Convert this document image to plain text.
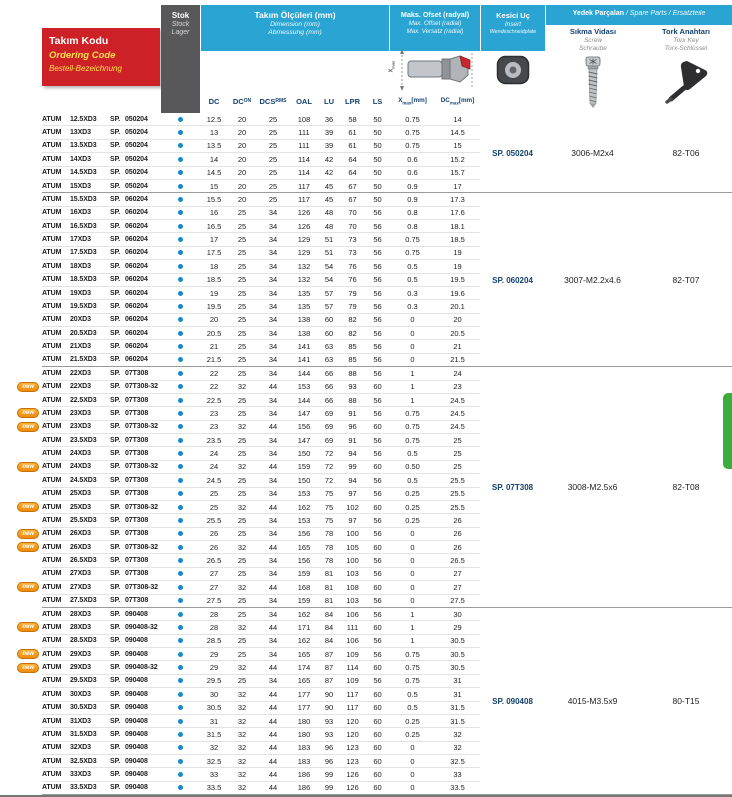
Takım Kodu
Ordering Code
Bestell-Bezeichnung
Stok
Stock
Lager
Takım Ölçüleri (mm)
Dimension (mm)
Abmessung (mm)
DC	DC ON	DCS RMS	OAL	LU	LPR	LS
Maks. Ofset (radyal)
Max. Offset (radial)
Max. Versatz (radial)
$X_{max}$
$X_{max}[mm]$	$DC_{max}[mm]$
Kesici Uç
Insert
Wendeschneidplate
Yedek Parçalan / Spare Parts / Ersatzteile
Sıkma Vidası
Screw
Schraube
Tork Anahtarı
Torx Key
Torx-Schlüssel
ATUM	12.5XD3	SP. 050204	12.5	20	25	108	36	58	50	0.75	14
ATUM	13XD3	SP. 050204	13	20	25	111	39	61	50	0.75	14.5
ATUM	13.5XD3	SP. 050204	13.5	20	25	111	39	61	50	0.75	15
ATUM	14XD3	SP. 050204	14	20	25	114	42	64	50	0.6	15.2
ATUM	14.5XD3	SP. 050204	14.5	20	25	114	42	64	50	0.6	15.7
ATUM	15XD3	SP. 050204	15	20	25	117	45	67	50	0.9	17
ATUM	15.5XD3	SP. 060204	15.5	20	25	117	45	67	50	0.9	17.3
ATUM	16XD3	SP. 060204	16	25	34	126	48	70	56	0.8	17.6
ATUM	16.5XD3	SP. 060204	16.5	25	34	126	48	70	56	0.8	18.1
ATUM	17XD3	SP. 060204	17	25	34	129	51	73	56	0.75	18.5
ATUM	17.5XD3	SP. 060204	17.5	25	34	129	51	73	56	0.75	19
ATUM	18XD3	SP. 060204	18	25	34	132	54	76	56	0.5	19
ATUM	18.5XD3	SP. 060204	18.5	25	34	132	54	76	56	0.5	19.5
ATUM	19XD3	SP. 060204	19	25	34	135	57	79	56	0.3	19.6
ATUM	19.5XD3	SP. 060204	19.5	25	34	135	57	79	56	0.3	20.1
ATUM	20XD3	SP. 060204	20	25	34	138	60	82	56	0	20
ATUM	20.5XD3	SP. 060204	20.5	25	34	138	60	82	56	0	20.5
ATUM	21XD3	SP. 060204	21	25	34	141	63	85	56	0	21
ATUM	21.5XD3	SP. 060204	21.5	25	34	141	63	85	56	0	21.5
ATUM	22XD3	SP. 07T308	22	25	34	144	66	88	56	1	24
new	ATUM	22XD3	SP. 07T308-32	22	32	44	153	66	93	60	1	23
ATUM	22.5XD3	SP. 07T308	22.5	25	34	144	66	88	56	1	24.5
new	ATUM	23XD3	SP. 07T308	23	25	34	147	69	91	56	0.75	24.5
new	ATUM	23XD3	SP. 07T308-32	23	32	44	156	69	96	60	0.75	24.5
ATUM	23.5XD3	SP. 07T308	23.5	25	34	147	69	91	56	0.75	25
ATUM	24XD3	SP. 07T308	24	25	34	150	72	94	56	0.5	25
new	ATUM	24XD3	SP. 07T308-32	24	32	44	159	72	99	60	0.50	25
ATUM	24.5XD3	SP. 07T308	24.5	25	34	150	72	94	56	0.5	25.5
ATUM	25XD3	SP. 07T308	25	25	34	153	75	97	56	0.25	25.5
new	ATUM	25XD3	SP. 07T308-32	25	32	44	162	75	102	60	0.25	25.5
ATUM	25.5XD3	SP. 07T308	25.5	25	34	153	75	97	56	0.25	26
new	ATUM	26XD3	SP. 07T308	26	25	34	156	78	100	56	0	26
new	ATUM	26XD3	SP. 07T308-32	26	32	44	165	78	105	60	0	26
ATUM	26.5XD3	SP. 07T308	26.5	25	34	156	78	100	56	0	26.5
ATUM	27XD3	SP. 07T308	27	25	34	159	81	103	56	0	27
new	ATUM	27XD3	SP. 07T308-32	27	32	44	168	81	108	60	0	27
ATUM	27.5XD3	SP. 07T308	27.5	25	34	159	81	103	56	0	27.5
ATUM	28XD3	SP. 090408	28	25	34	162	84	106	56	1	30
new	ATUM	28XD3	SP. 090408-32	28	32	44	171	84	111	60	1	29
ATUM	28.5XD3	SP. 090408	28.5	25	34	162	84	106	56	1	30.5
new	ATUM	29XD3	SP. 090408	29	25	34	165	87	109	56	0.75	30.5
new	ATUM	29XD3	SP. 090408-32	29	32	44	174	87	114	60	0.75	30.5
ATUM	29.5XD3	SP. 090408	29.5	25	34	165	87	109	56	0.75	31
ATUM	30XD3	SP. 090408	30	32	44	177	90	117	60	0.5	31
ATUM	30.5XD3	SP. 090408	30.5	32	44	177	90	117	60	0.5	31.5
ATUM	31XD3	SP. 090408	31	32	44	180	93	120	60	0.25	31.5
ATUM	31.5XD3	SP. 090408	31.5	32	44	180	93	120	60	0.25	32
ATUM	32XD3	SP. 090408	32	32	44	183	96	123	60	0	32
ATUM	32.5XD3	SP. 090408	32.5	32	44	183	96	123	60	0	32.5
ATUM	33XD3	SP. 090408	33	32	44	186	99	126	60	0	33
ATUM	33.5XD3	SP. 090408	33.5	32	44	186	99	126	60	0	33.5
SP. 050204	3006-M2x4	82-T06
SP. 060204	3007-M2.2x4.6	82-T07
SP. 07T308	3008-M2.5x6	82-T08
SP. 090408	4015-M3.5x9	80-T15
